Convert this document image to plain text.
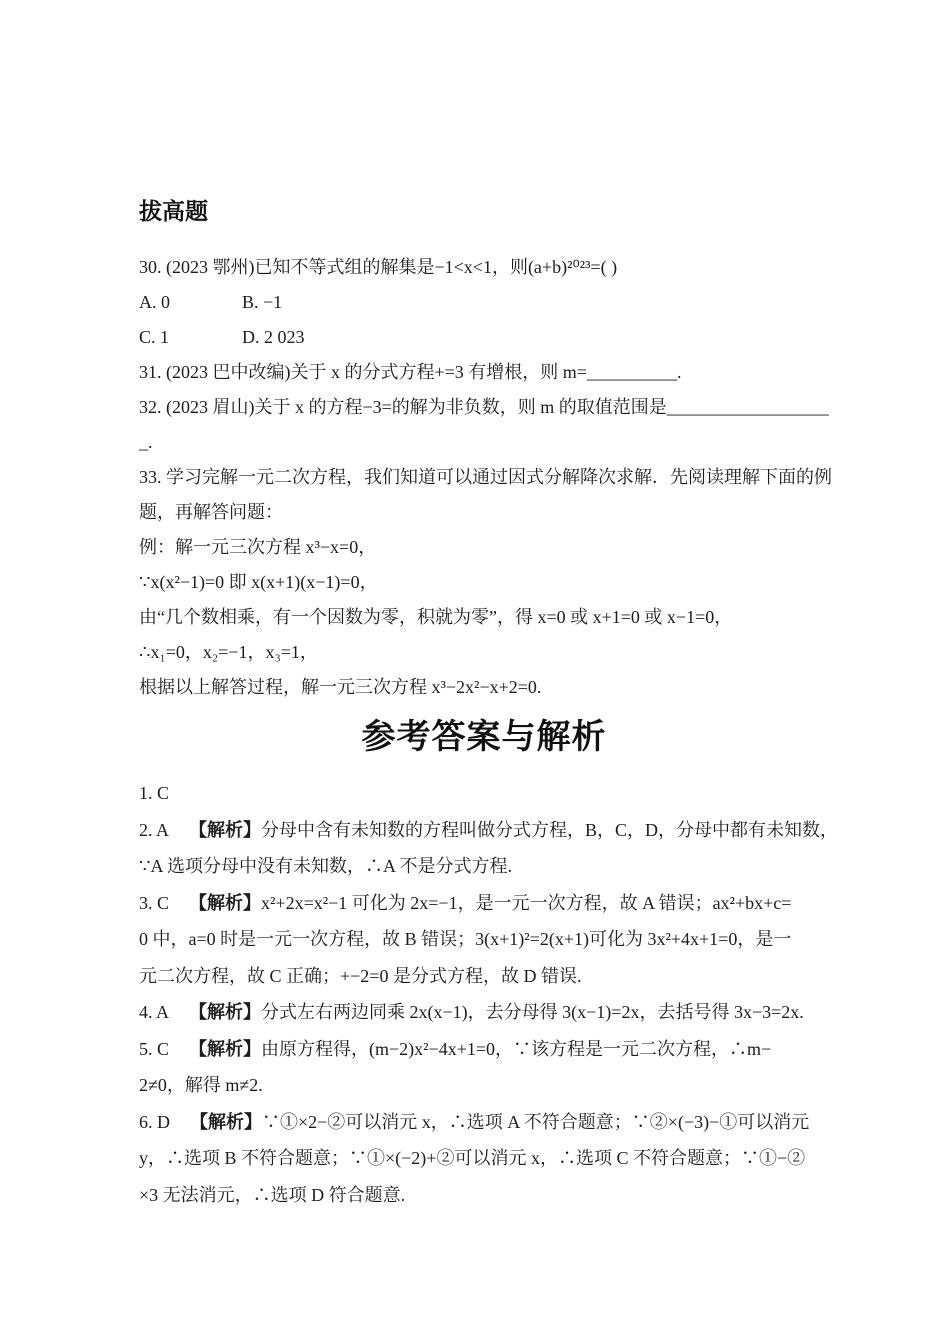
拔高题
30. (2023 鄂州)已知不等式组的解集是−1<x<1，则(a+b)²⁰²³=( )
A. 0	B. −1
C. 1	D. 2 023
31. (2023 巴中改编)关于 x 的分式方程+=3 有增根，则 m=__________.
32. (2023 眉山)关于 x 的方程−3=的解为非负数，则 m 的取值范围是__________________
_.
33. 学习完解一元二次方程，我们知道可以通过因式分解降次求解．先阅读理解下面的例
题，再解答问题：
例：解一元三次方程 x³−x=0，
∵x(x²−1)=0 即 x(x+1)(x−1)=0，
由“几个数相乘，有一个因数为零，积就为零”，得 x=0 或 x+1=0 或 x−1=0，
∴x₁=0，x₂=−1，x₃=1，
根据以上解答过程，解一元三次方程 x³−2x²−x+2=0.
参考答案与解析
1. C
2. A 【解析】分母中含有未知数的方程叫做分式方程，B，C，D，分母中都有未知数，
∵A 选项分母中没有未知数，∴A 不是分式方程.
3. C 【解析】x²+2x=x²−1 可化为 2x=−1，是一元一次方程，故 A 错误；ax²+bx+c=
0 中，a=0 时是一元一次方程，故 B 错误；3(x+1)²=2(x+1)可化为 3x²+4x+1=0，是一
元二次方程，故 C 正确；+−2=0 是分式方程，故 D 错误.
4. A 【解析】分式左右两边同乘 2x(x−1)，去分母得 3(x−1)=2x，去括号得 3x−3=2x.
5. C 【解析】由原方程得，(m−2)x²−4x+1=0，∵该方程是一元二次方程，∴m−
2≠0，解得 m≠2.
6. D 【解析】∵①×2−②可以消元 x，∴选项 A 不符合题意；∵②×(−3)−①可以消元
y，∴选项 B 不符合题意；∵①×(−2)+②可以消元 x，∴选项 C 不符合题意；∵①−②
×3 无法消元，∴选项 D 符合题意.
